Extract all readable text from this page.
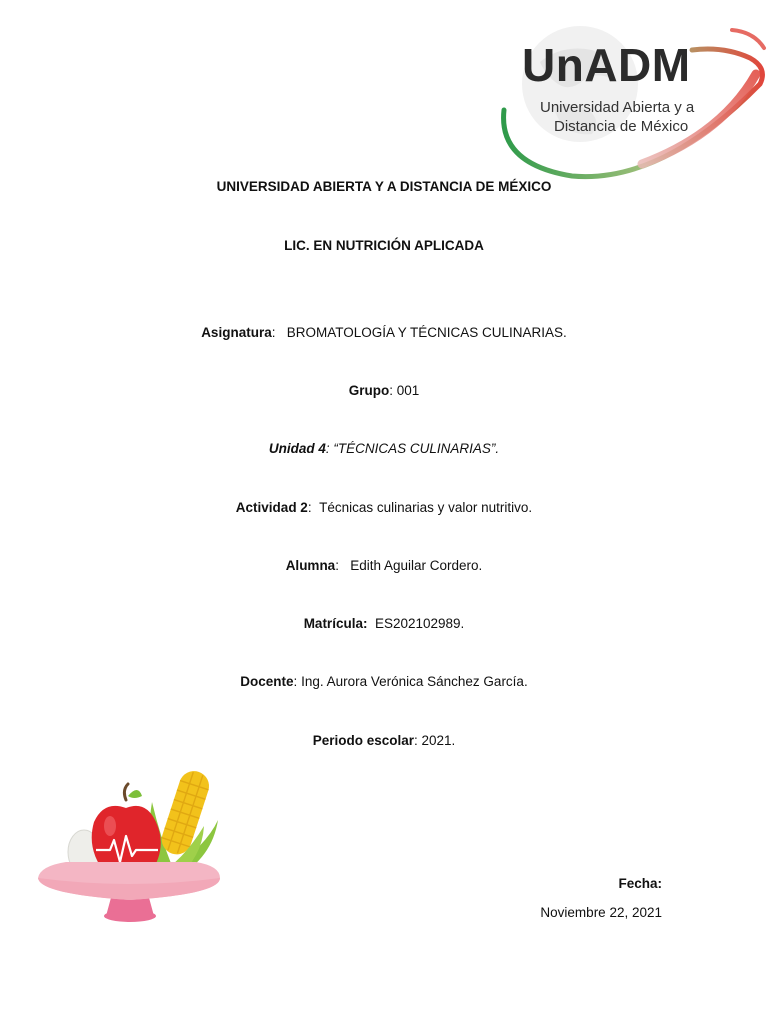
UnADM
Universidad Abierta y a
Distancia de México
UNIVERSIDAD ABIERTA Y A DISTANCIA DE MÉXICO
LIC. EN NUTRICIÓN APLICADA
Asignatura:   BROMATOLOGÍA Y TÉCNICAS CULINARIAS.
Grupo: 001
Unidad 4: “TÉCNICAS CULINARIAS”.
Actividad 2:  Técnicas culinarias y valor nutritivo.
Alumna:   Edith Aguilar Cordero.
Matrícula: ES202102989.
Docente: Ing. Aurora Verónica Sánchez García.
Periodo escolar: 2021.
Fecha:
Noviembre 22, 2021
